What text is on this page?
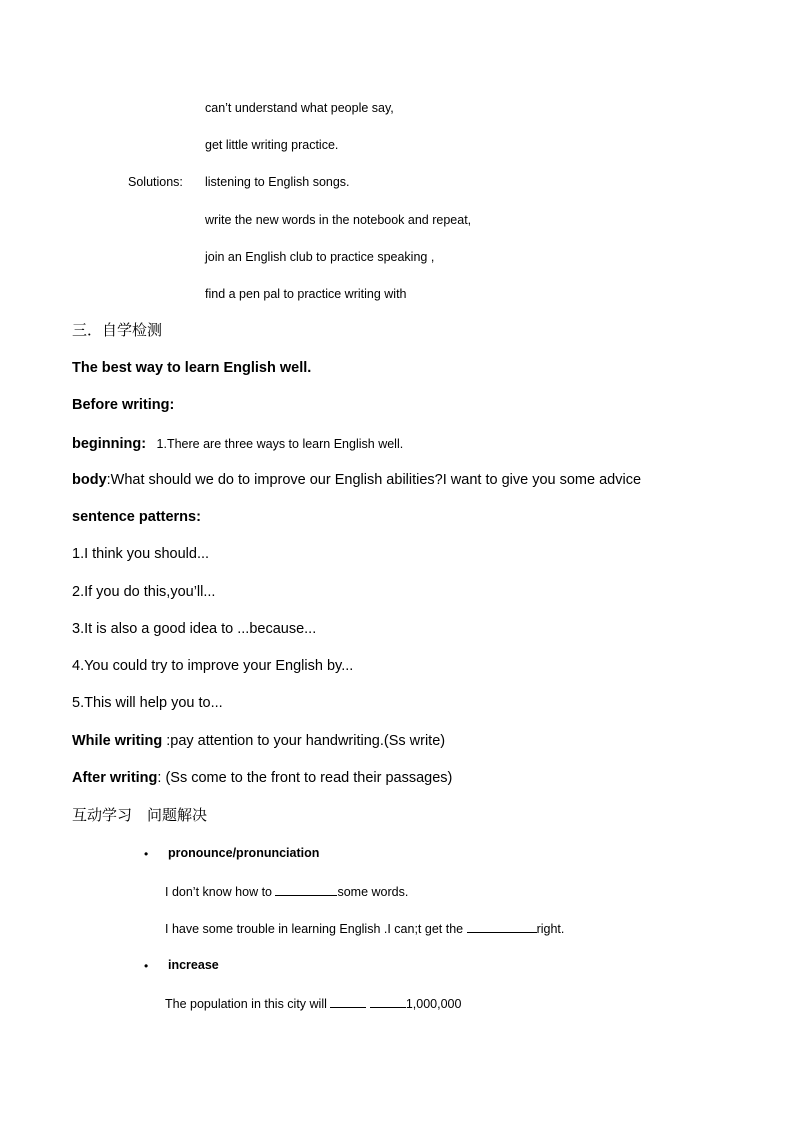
can’t understand what people say,
get little writing practice.
Solutions: listening to English songs.
write the new words in the notebook and repeat,
join an English club to practice speaking ,
find a pen pal to practice writing with
三．自学检测
The best way to learn English well.
Before writing:
beginning: 1.There are three ways to learn English well.
body:What should we do to improve our English abilities?I want to give you some advice
sentence patterns:
1.I think you should...
2.If you do this,you’ll...
3.It is also a good idea to ...because...
4.You could try to improve your English by...
5.This will help you to...
While writing :pay attention to your handwriting.(Ss write)
After writing: (Ss come to the front to read their passages)
互动学习　问题解决
• pronounce/pronunciation
I don’t know how to	some words.
I have some trouble in learning English .I can;t get the	right.
• increase
The population in this city will	1,000,000
